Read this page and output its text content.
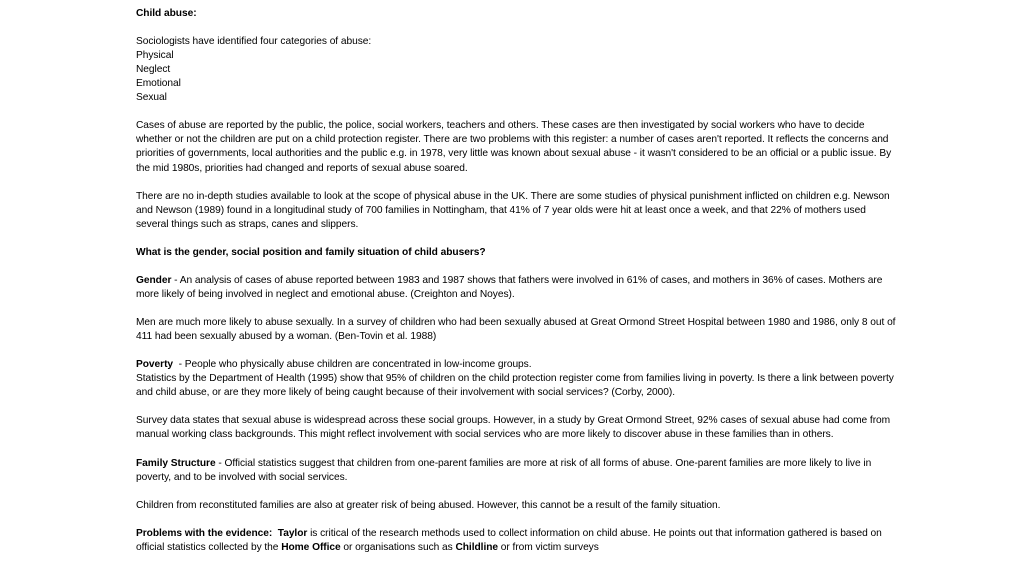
Child abuse:

Sociologists have identified four categories of abuse:

Physical

Neglect

Emotional

Sexual

Cases of abuse are reported by the public, the police, social workers, teachers and others. These cases are then investigated by social workers who have to decide whether or not the children are put on a child protection register. There are two problems with this register: a number of cases aren't reported. It reflects the concerns and priorities of governments, local authorities and the public e.g. in 1978, very little was known about sexual abuse - it wasn't considered to be an official or a public issue. By the mid 1980s, priorities had changed and reports of sexual abuse soared.

There are no in-depth studies available to look at the scope of physical abuse in the UK. There are some studies of physical punishment inflicted on children e.g. Newson and Newson (1989) found in a longitudinal study of 700 families in Nottingham, that 41% of 7 year olds were hit at least once a week, and that 22% of mothers used several things such as straps, canes and slippers.

What is the gender, social position and family situation of child abusers?

Gender - An analysis of cases of abuse reported between 1983 and 1987 shows that fathers were involved in 61% of cases, and mothers in 36% of cases. Mothers are more likely of being involved in neglect and emotional abuse. (Creighton and Noyes).

Men are much more likely to abuse sexually. In a survey of children who had been sexually abused at Great Ormond Street Hospital between 1980 and 1986, only 8 out of 411 had been sexually abused by a woman. (Ben-Tovin et al. 1988)

Poverty  - People who physically abuse children are concentrated in low-income groups.

Statistics by the Department of Health (1995) show that 95% of children on the child protection register come from families living in poverty. Is there a link between poverty and child abuse, or are they more likely of being caught because of their involvement with social services? (Corby, 2000).

Survey data states that sexual abuse is widespread across these social groups. However, in a study by Great Ormond Street, 92% cases of sexual abuse had come from manual working class backgrounds. This might reflect involvement with social services who are more likely to discover abuse in these families than in others.

Family Structure - Official statistics suggest that children from one-parent families are more at risk of all forms of abuse. One-parent families are more likely to live in poverty, and to be involved with social services.

Children from reconstituted families are also at greater risk of being abused. However, this cannot be a result of the family situation.

Problems with the evidence: Taylor is critical of the research methods used to collect information on child abuse. He points out that information gathered is based on official statistics collected by the Home Office or organisations such as Childline or from victim surveys
